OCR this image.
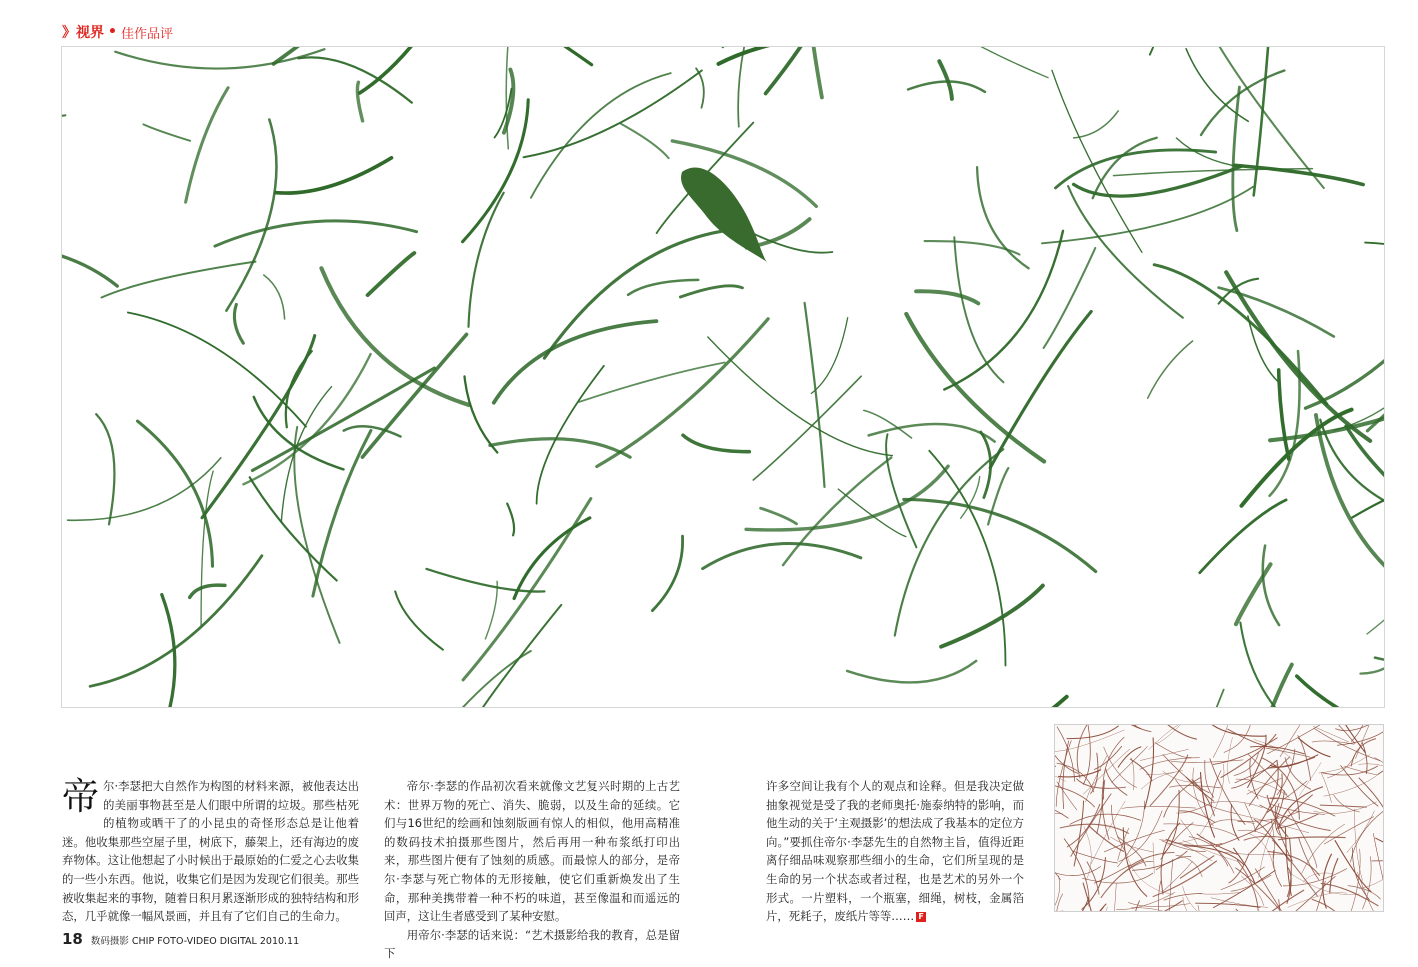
》 视界 • 佳作品评

帝 尔·李瑟把大自然作为构图的材料来源，被他表达出的美丽事物甚至是人们眼中所谓的垃圾。那些枯死的植物或晒干了的小昆虫的奇怪形态总是让他着迷。他收集那些空屋子里，树底下，藤架上，还有海边的废弃物体。这让他想起了小时候出于最原始的仁爱之心去收集的一些小东西。他说，收集它们是因为发现它们很美。那些被收集起来的事物，随着日积月累逐渐形成的独特结构和形态，几乎就像一幅风景画，并且有了它们自己的生命力。

帝尔·李瑟的作品初次看来就像文艺复兴时期的上古艺术：世界万物的死亡、消失、脆弱，以及生命的延续。它们与16世纪的绘画和蚀刻版画有惊人的相似，他用高精准的数码技术拍摄那些图片，然后再用一种布浆纸打印出来，那些图片便有了蚀刻的质感。而最惊人的部分，是帝尔·李瑟与死亡物体的无形接触，使它们重新焕发出了生命，那种美携带着一种不朽的味道，甚至像温和而遥远的回声，这让生者感受到了某种安慰。

用帝尔·李瑟的话来说：“艺术摄影给我的教育，总是留下

许多空间让我有个人的观点和诠释。但是我决定做抽象视觉是受了我的老师奥托·施泰纳特的影响，而他生动的关于‘主观摄影’的想法成了我基本的定位方向。”要抓住帝尔·李瑟先生的自然物主旨，值得近距离仔细品味观察那些细小的生命，它们所呈现的是生命的另一个状态或者过程，也是艺术的另外一个形式。一片塑料，一个瓶塞，细绳，树枝，金属箔片，死耗子，废纸片等等…… F

18 数码摄影 CHIP FOTO-VIDEO DIGITAL 2010.11
